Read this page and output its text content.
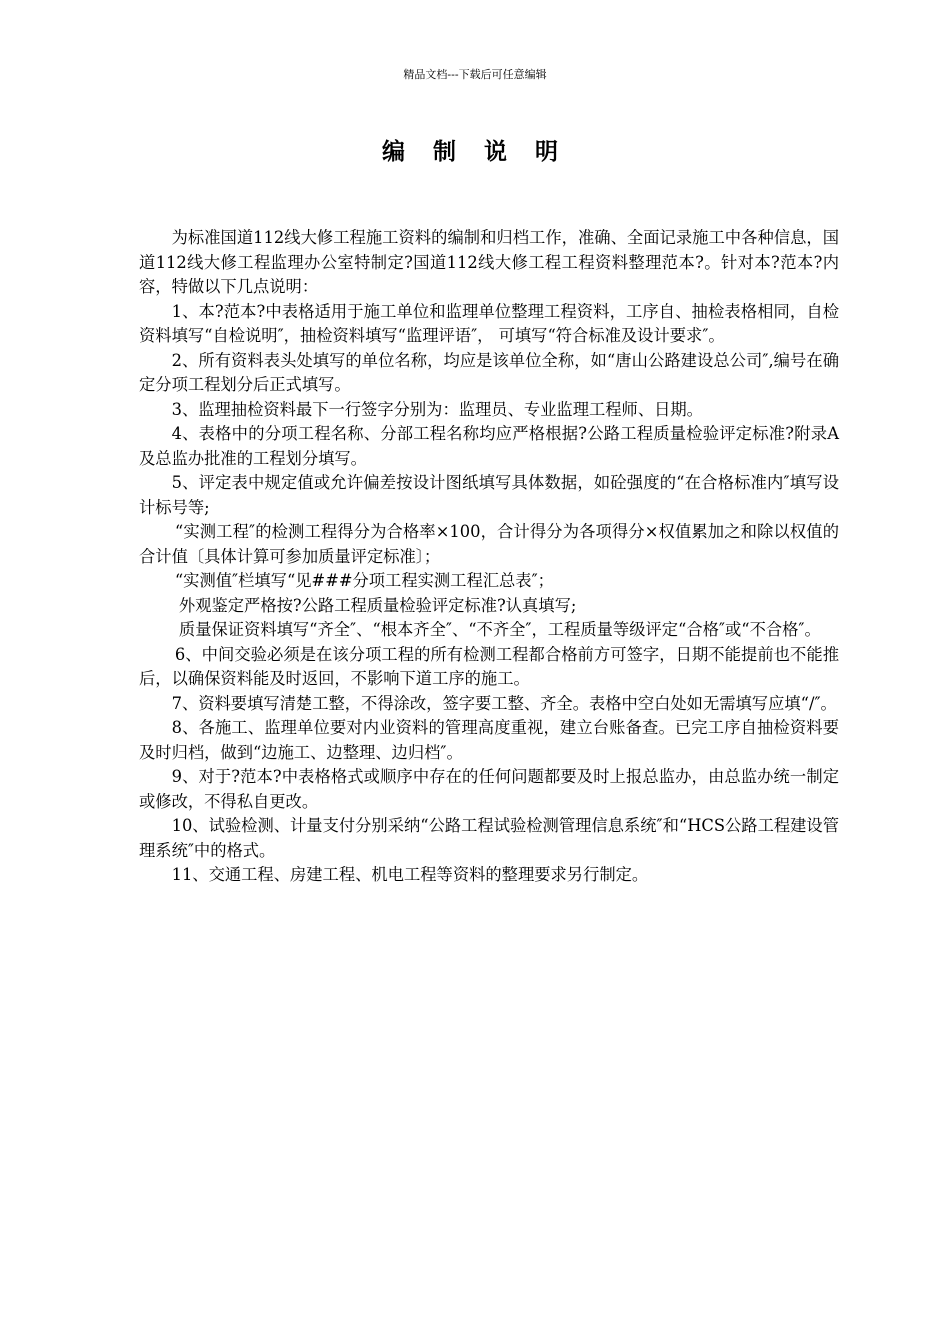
精品文档---下载后可任意编辑
编 制 说 明

为标准国道112线大修工程施工资料的编制和归档工作，准确、全面记录施工中各种信息，国道112线大修工程监理办公室特制定?国道112线大修工程工程资料整理范本?。针对本?范本?内容，特做以下几点说明：

1、本?范本?中表格适用于施工单位和监理单位整理工程资料，工序自、抽检表格相同，自检资料填写“自检说明″，抽检资料填写“监理评语″， 可填写“符合标准及设计要求″。

2、所有资料表头处填写的单位名称，均应是该单位全称，如“唐山公路建设总公司″,编号在确定分项工程划分后正式填写。

3、监理抽检资料最下一行签字分别为：监理员、专业监理工程师、日期。

4、表格中的分项工程名称、分部工程名称均应严格根据?公路工程质量检验评定标准?附录A及总监办批准的工程划分填写。

5、评定表中规定值或允许偏差按设计图纸填写具体数据，如砼强度的“在合格标准内″填写设计标号等;

“实测工程″的检测工程得分为合格率×100，合计得分为各项得分×权值累加之和除以权值的合计值〔具体计算可参加质量评定标准〕；

“实测值″栏填写“见###分项工程实测工程汇总表″；

外观鉴定严格按?公路工程质量检验评定标准?认真填写;

质量保证资料填写“齐全″、“根本齐全″、“不齐全″，工程质量等级评定“合格″或“不合格″。

6、中间交验必须是在该分项工程的所有检测工程都合格前方可签字，日期不能提前也不能推后，以确保资料能及时返回，不影响下道工序的施工。

7、资料要填写清楚工整，不得涂改，签字要工整、齐全。表格中空白处如无需填写应填“/″。

8、各施工、监理单位要对内业资料的管理高度重视，建立台账备查。已完工序自抽检资料要及时归档，做到“边施工、边整理、边归档″。

9、对于?范本?中表格格式或顺序中存在的任何问题都要及时上报总监办，由总监办统一制定或修改，不得私自更改。

10、试验检测、计量支付分别采纳“公路工程试验检测管理信息系统″和“HCS公路工程建设管理系统″中的格式。

11、交通工程、房建工程、机电工程等资料的整理要求另行制定。
